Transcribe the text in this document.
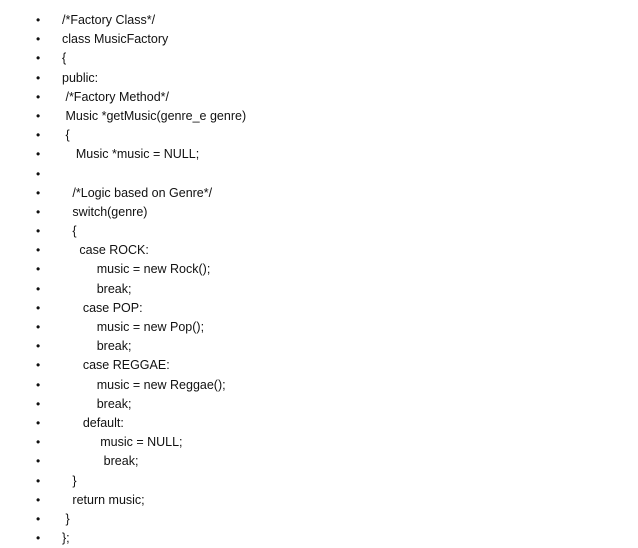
• /*Factory Class*/
• class MusicFactory
• {
• public:
• /*Factory Method*/
• Music *getMusic(genre_e genre)
• {
• Music *music = NULL;
•
• /*Logic based on Genre*/
• switch(genre)
• {
• case ROCK:
• music = new Rock();
• break;
• case POP:
• music = new Pop();
• break;
• case REGGAE:
• music = new Reggae();
• break;
• default:
• music = NULL;
• break;
• }
• return music;
• }
• };
